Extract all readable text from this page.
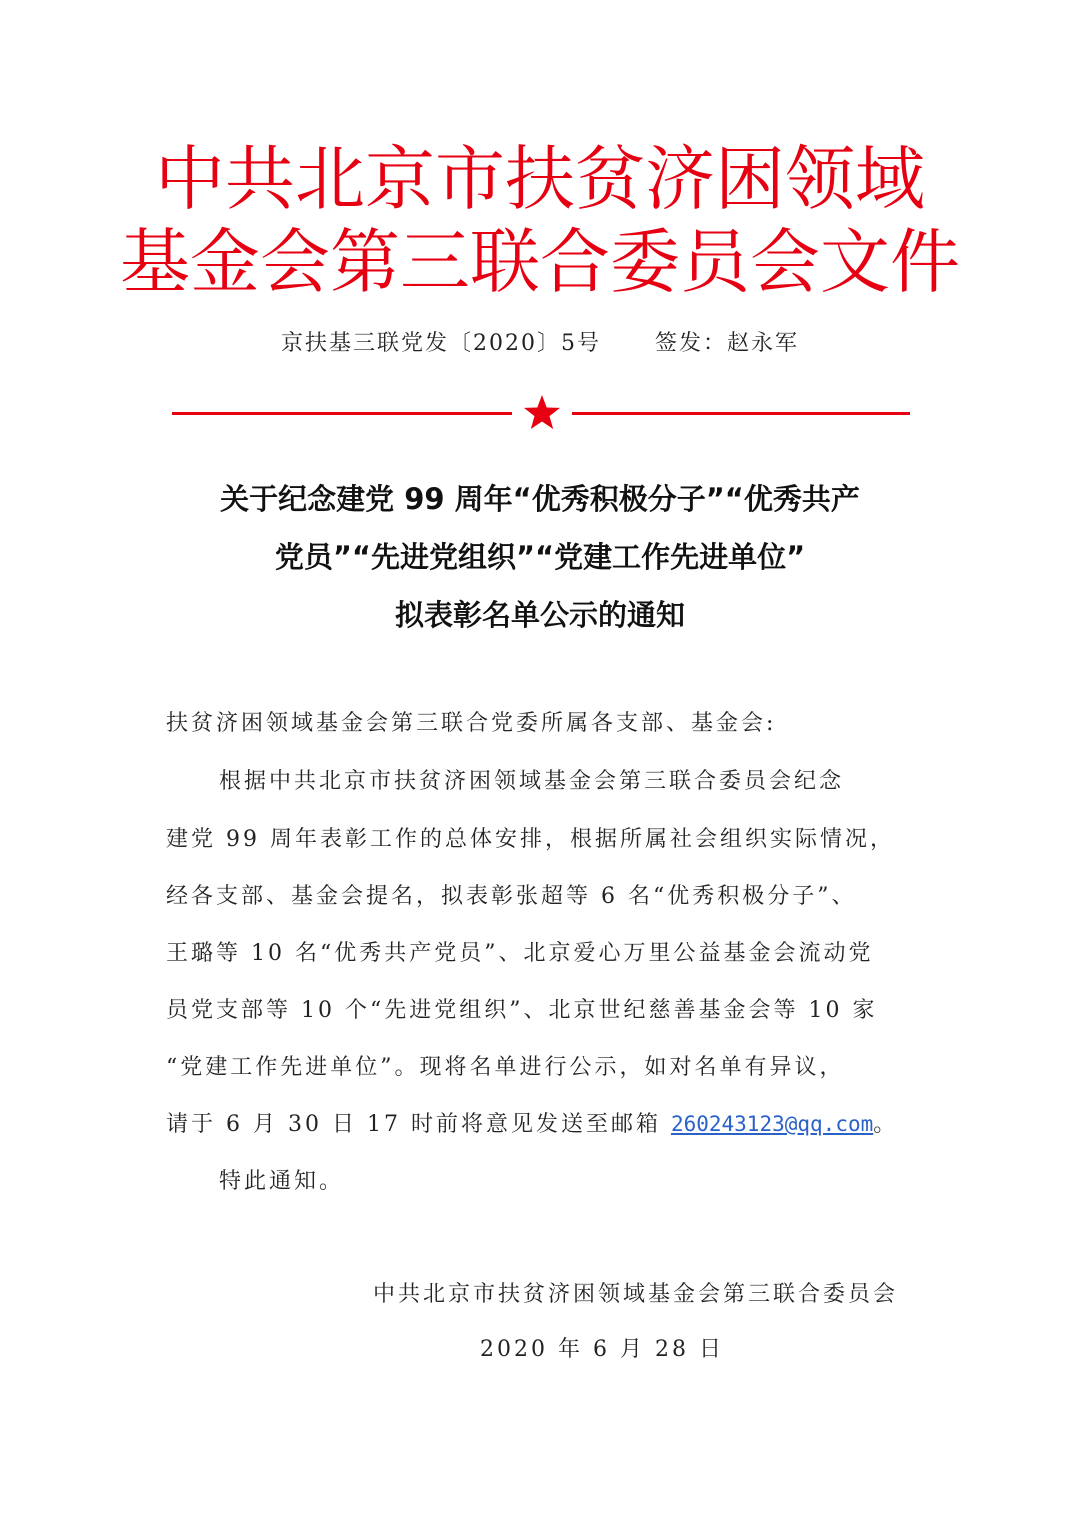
中共北京市扶贫济困领域
基金会第三联合委员会文件
京扶基三联党发〔2020〕5号 签发：赵永军
关于纪念建党 99 周年“优秀积极分子”“优秀共产
党员”“先进党组织”“党建工作先进单位”
拟表彰名单公示的通知
扶贫济困领域基金会第三联合党委所属各支部、基金会:
根据中共北京市扶贫济困领域基金会第三联合委员会纪念
建党 99 周年表彰工作的总体安排，根据所属社会组织实际情况，
经各支部、基金会提名，拟表彰张超等 6 名“优秀积极分子”、
王璐等 10 名“优秀共产党员”、北京爱心万里公益基金会流动党
员党支部等 10 个“先进党组织”、北京世纪慈善基金会等 10 家
“党建工作先进单位”。现将名单进行公示，如对名单有异议，
请于 6 月 30 日 17 时前将意见发送至邮箱 260243123@qq.com。
特此通知。
中共北京市扶贫济困领域基金会第三联合委员会
2020 年 6 月 28 日
